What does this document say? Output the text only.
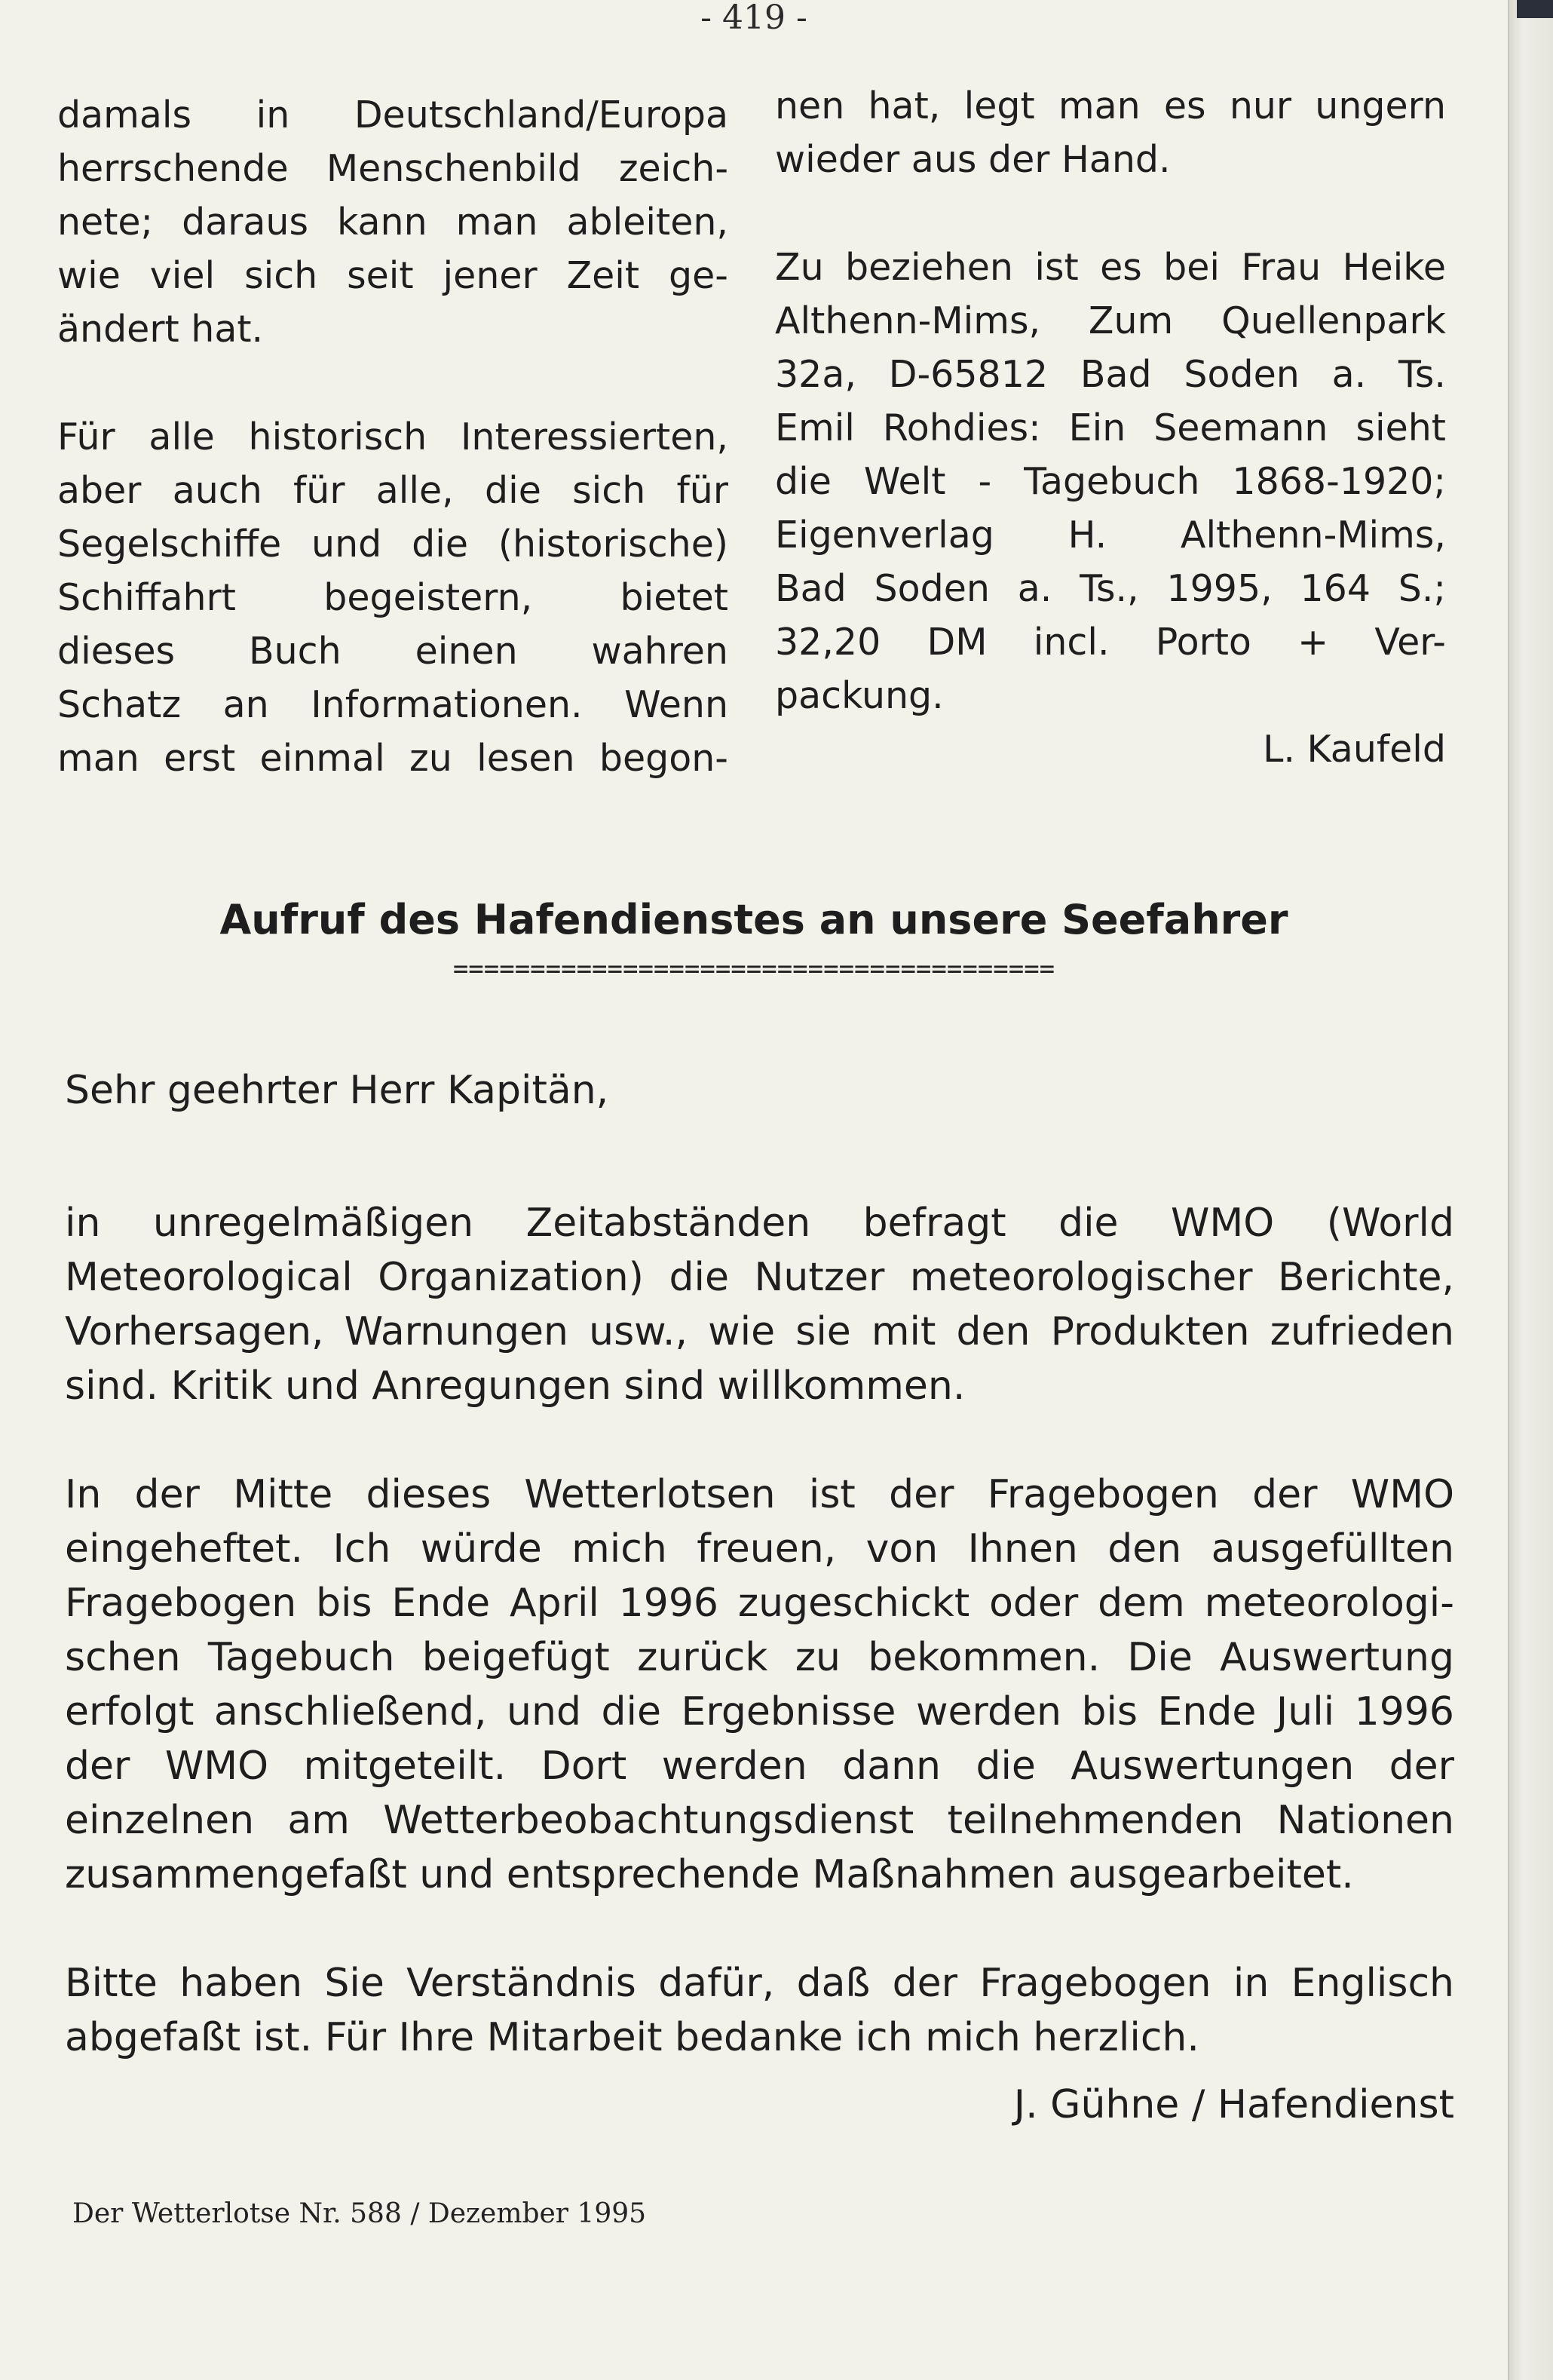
- 419 -

damals in Deutschland/Europa
herrschende Menschenbild zeich-
nete; daraus kann man ableiten,
wie viel sich seit jener Zeit ge-
ändert hat.

Für alle historisch Interessierten,
aber auch für alle, die sich für
Segelschiffe und die (historische)
Schiffahrt begeistern, bietet
dieses Buch einen wahren
Schatz an Informationen. Wenn
man erst einmal zu lesen begon-

nen hat, legt man es nur ungern
wieder aus der Hand.

Zu beziehen ist es bei Frau Heike
Althenn-Mims, Zum Quellenpark
32a, D-65812 Bad Soden a. Ts.
Emil Rohdies: Ein Seemann sieht
die Welt - Tagebuch 1868-1920;
Eigenverlag H. Althenn-Mims,
Bad Soden a. Ts., 1995, 164 S.;
32,20 DM incl. Porto + Ver-
packung.
L. Kaufeld

Aufruf des Hafendienstes an unsere Seefahrer
=======================================

Sehr geehrter Herr Kapitän,

in unregelmäßigen Zeitabständen befragt die WMO (World
Meteorological Organization) die Nutzer meteorologischer Berichte,
Vorhersagen, Warnungen usw., wie sie mit den Produkten zufrieden
sind. Kritik und Anregungen sind willkommen.

In der Mitte dieses Wetterlotsen ist der Fragebogen der WMO
eingeheftet. Ich würde mich freuen, von Ihnen den ausgefüllten
Fragebogen bis Ende April 1996 zugeschickt oder dem meteorologi-
schen Tagebuch beigefügt zurück zu bekommen. Die Auswertung
erfolgt anschließend, und die Ergebnisse werden bis Ende Juli 1996
der WMO mitgeteilt. Dort werden dann die Auswertungen der
einzelnen am Wetterbeobachtungsdienst teilnehmenden Nationen
zusammengefaßt und entsprechende Maßnahmen ausgearbeitet.

Bitte haben Sie Verständnis dafür, daß der Fragebogen in Englisch
abgefaßt ist. Für Ihre Mitarbeit bedanke ich mich herzlich.

J. Gühne / Hafendienst
Der Wetterlotse Nr. 588 / Dezember 1995
